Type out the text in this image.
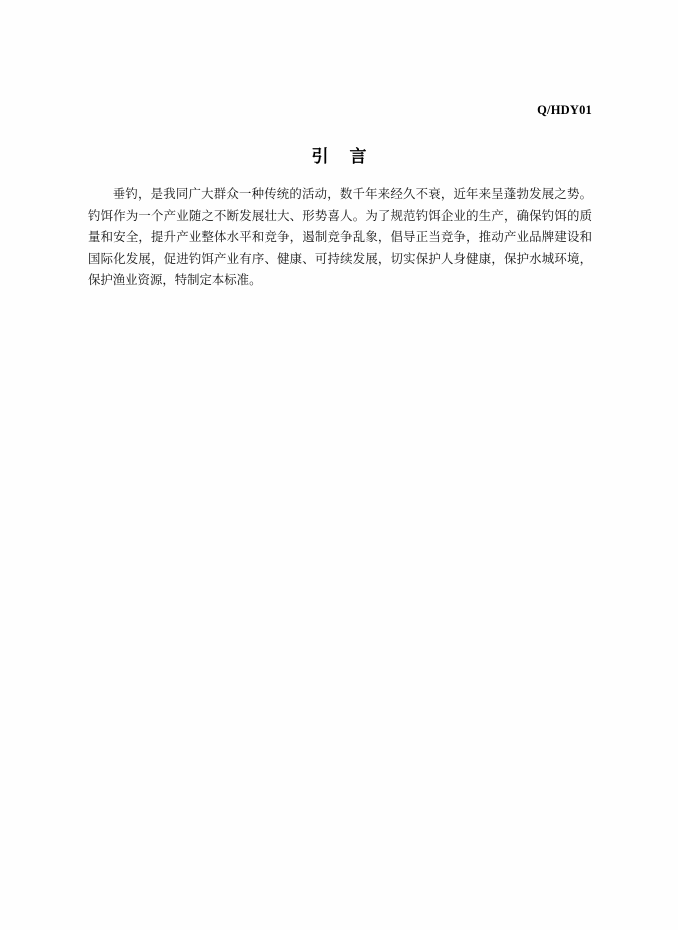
Q/HDY01
引　言
垂钓，是我同广大群众一种传统的活动，数千年来经久不衰，近年来呈蓬勃发展之势。钓饵作为一个产业随之不断发展壮大、形势喜人。为了规范钓饵企业的生产，确保钓饵的质量和安全，提升产业整体水平和竞争，遏制竞争乱象，倡导正当竞争，推动产业品牌建设和国际化发展，促进钓饵产业有序、健康、可持续发展，切实保护人身健康，保护水城环境，保护渔业资源，特制定本标准。
